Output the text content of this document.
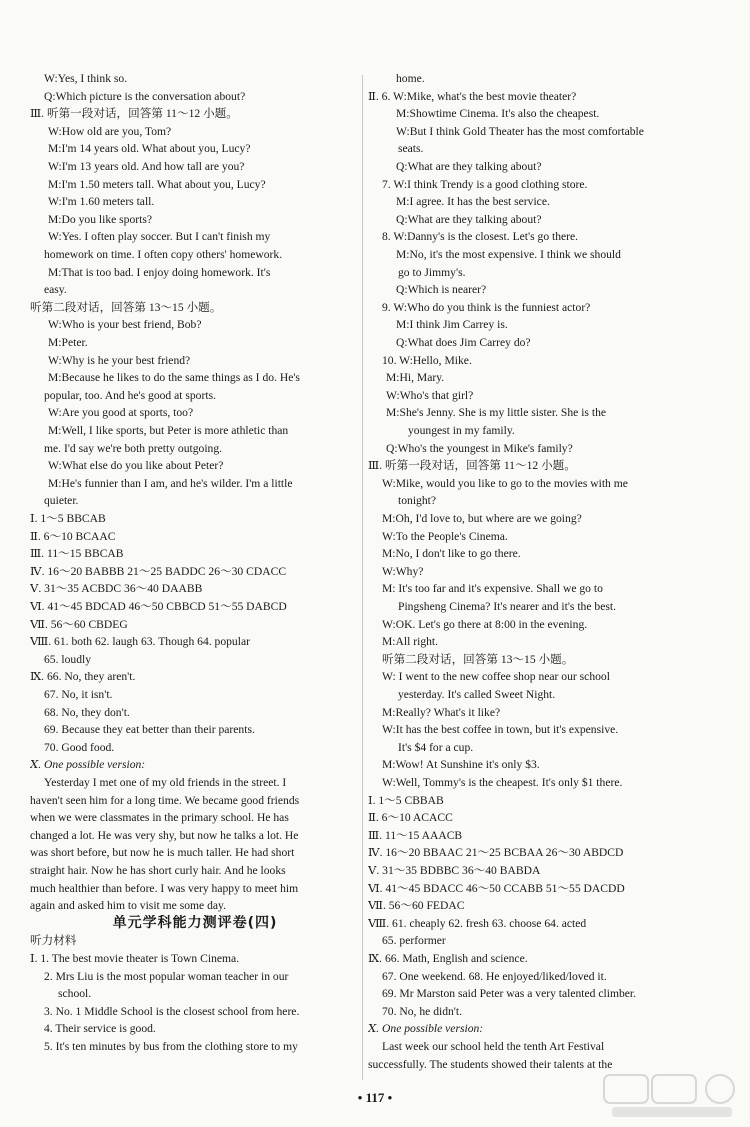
W:Yes, I think so.
Q:Which picture is the conversation about?
Ⅲ. 听第一段对话，回答第 11～12 小题。
W:How old are you, Tom?
M:I'm 14 years old. What about you, Lucy?
W:I'm 13 years old. And how tall are you?
M:I'm 1.50 meters tall. What about you, Lucy?
W:I'm 1.60 meters tall.
M:Do you like sports?
W:Yes. I often play soccer. But I can't finish my
homework on time. I often copy others' homework.
M:That is too bad. I enjoy doing homework. It's
easy.
听第二段对话，回答第 13～15 小题。
W:Who is your best friend, Bob?
M:Peter.
W:Why is he your best friend?
M:Because he likes to do the same things as I do. He's
popular, too. And he's good at sports.
W:Are you good at sports, too?
M:Well, I like sports, but Peter is more athletic than
me. I'd say we're both pretty outgoing.
W:What else do you like about Peter?
M:He's funnier than I am, and he's wilder. I'm a little
quieter.
Ⅰ. 1～5 BBCAB
Ⅱ. 6～10 BCAAC
Ⅲ. 11～15 BBCAB
Ⅳ. 16～20 BABBB 21～25 BADDC 26～30 CDACC
Ⅴ. 31～35 ACBDC 36～40 DAABB
Ⅵ. 41～45 BDCAD 46～50 CBBCD 51～55 DABCD
Ⅶ. 56～60 CBDEG
Ⅷ. 61. both 62. laugh 63. Though 64. popular
65. loudly
Ⅸ. 66. No, they aren't.
67. No, it isn't.
68. No, they don't.
69. Because they eat better than their parents.
70. Good food.
Ⅹ. One possible version:
Yesterday I met one of my old friends in the street. I
haven't seen him for a long time. We became good friends
when we were classmates in the primary school. He has
changed a lot. He was very shy, but now he talks a lot. He
was short before, but now he is much taller. He had short
straight hair. Now he has short curly hair. And he looks
much healthier than before. I was very happy to meet him
again and asked him to visit me some day.
单元学科能力测评卷(四)
听力材料
Ⅰ. 1. The best movie theater is Town Cinema.
2. Mrs Liu is the most popular woman teacher in our
school.
3. No. 1 Middle School is the closest school from here.
4. Their service is good.
5. It's ten minutes by bus from the clothing store to my
home.
Ⅱ. 6. W:Mike, what's the best movie theater?
M:Showtime Cinema. It's also the cheapest.
W:But I think Gold Theater has the most comfortable
seats.
Q:What are they talking about?
7. W:I think Trendy is a good clothing store.
M:I agree. It has the best service.
Q:What are they talking about?
8. W:Danny's is the closest. Let's go there.
M:No, it's the most expensive. I think we should
go to Jimmy's.
Q:Which is nearer?
9. W:Who do you think is the funniest actor?
M:I think Jim Carrey is.
Q:What does Jim Carrey do?
10. W:Hello, Mike.
M:Hi, Mary.
W:Who's that girl?
M:She's Jenny. She is my little sister. She is the
youngest in my family.
Q:Who's the youngest in Mike's family?
Ⅲ. 听第一段对话，回答第 11～12 小题。
W:Mike, would you like to go to the movies with me
tonight?
M:Oh, I'd love to, but where are we going?
W:To the People's Cinema.
M:No, I don't like to go there.
W:Why?
M: It's too far and it's expensive. Shall we go to
Pingsheng Cinema? It's nearer and it's the best.
W:OK. Let's go there at 8:00 in the evening.
M:All right.
听第二段对话，回答第 13～15 小题。
W: I went to the new coffee shop near our school
yesterday. It's called Sweet Night.
M:Really? What's it like?
W:It has the best coffee in town, but it's expensive.
It's $4 for a cup.
M:Wow! At Sunshine it's only $3.
W:Well, Tommy's is the cheapest. It's only $1 there.
Ⅰ. 1～5 CBBAB
Ⅱ. 6～10 ACACC
Ⅲ. 11～15 AAACB
Ⅳ. 16～20 BBAAC 21～25 BCBAA 26～30 ABDCD
Ⅴ. 31～35 BDBBC 36～40 BABDA
Ⅵ. 41～45 BDACC 46～50 CCABB 51～55 DACDD
Ⅶ. 56～60 FEDAC
Ⅷ. 61. cheaply 62. fresh 63. choose 64. acted
65. performer
Ⅸ. 66. Math, English and science.
67. One weekend. 68. He enjoyed/liked/loved it.
69. Mr Marston said Peter was a very talented climber.
70. No, he didn't.
Ⅹ. One possible version:
Last week our school held the tenth Art Festival
successfully. The students showed their talents at the
• 117 •
